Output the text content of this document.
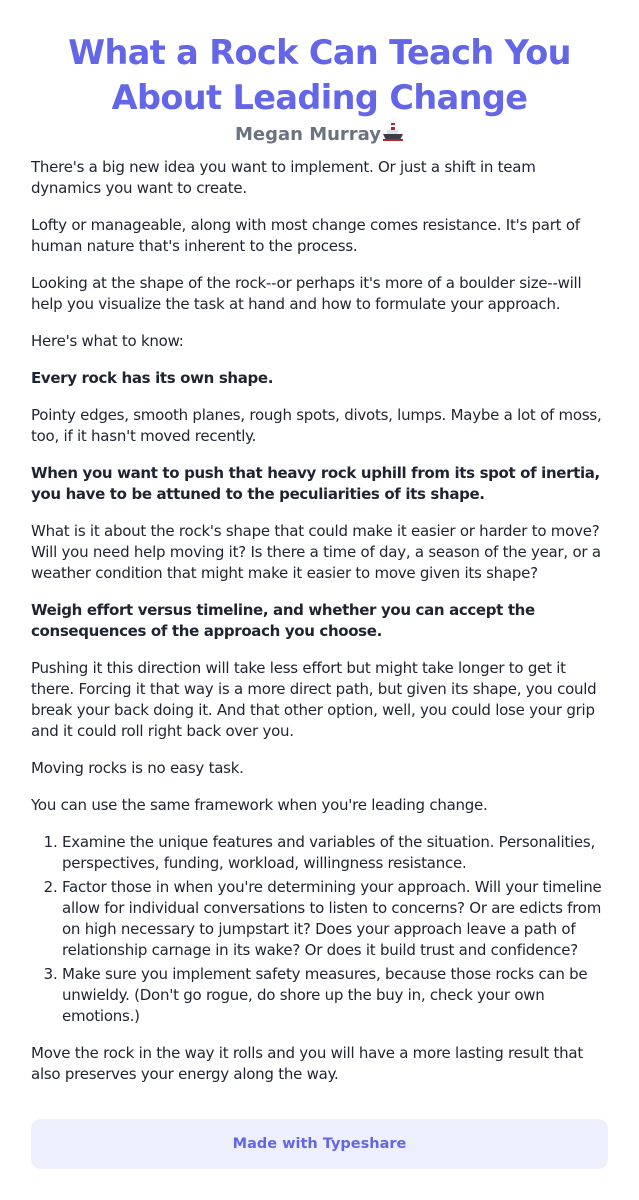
What a Rock Can Teach You About Leading Change
Megan Murray

There's a big new idea you want to implement. Or just a shift in team dynamics you want to create.

Lofty or manageable, along with most change comes resistance. It's part of human nature that's inherent to the process.

Looking at the shape of the rock--or perhaps it's more of a boulder size--will help you visualize the task at hand and how to formulate your approach.

Here's what to know:

Every rock has its own shape.

Pointy edges, smooth planes, rough spots, divots, lumps. Maybe a lot of moss, too, if it hasn't moved recently.

When you want to push that heavy rock uphill from its spot of inertia, you have to be attuned to the peculiarities of its shape.

What is it about the rock's shape that could make it easier or harder to move? Will you need help moving it? Is there a time of day, a season of the year, or a weather condition that might make it easier to move given its shape?

Weigh effort versus timeline, and whether you can accept the consequences of the approach you choose.

Pushing it this direction will take less effort but might take longer to get it there. Forcing it that way is a more direct path, but given its shape, you could break your back doing it. And that other option, well, you could lose your grip and it could roll right back over you.

Moving rocks is no easy task.

You can use the same framework when you're leading change.

1. Examine the unique features and variables of the situation. Personalities, perspectives, funding, workload, willingness resistance.
2. Factor those in when you're determining your approach. Will your timeline allow for individual conversations to listen to concerns? Or are edicts from on high necessary to jumpstart it? Does your approach leave a path of relationship carnage in its wake? Or does it build trust and confidence?
3. Make sure you implement safety measures, because those rocks can be unwieldy. (Don't go rogue, do shore up the buy in, check your own emotions.)

Move the rock in the way it rolls and you will have a more lasting result that also preserves your energy along the way.

Made with Typeshare
